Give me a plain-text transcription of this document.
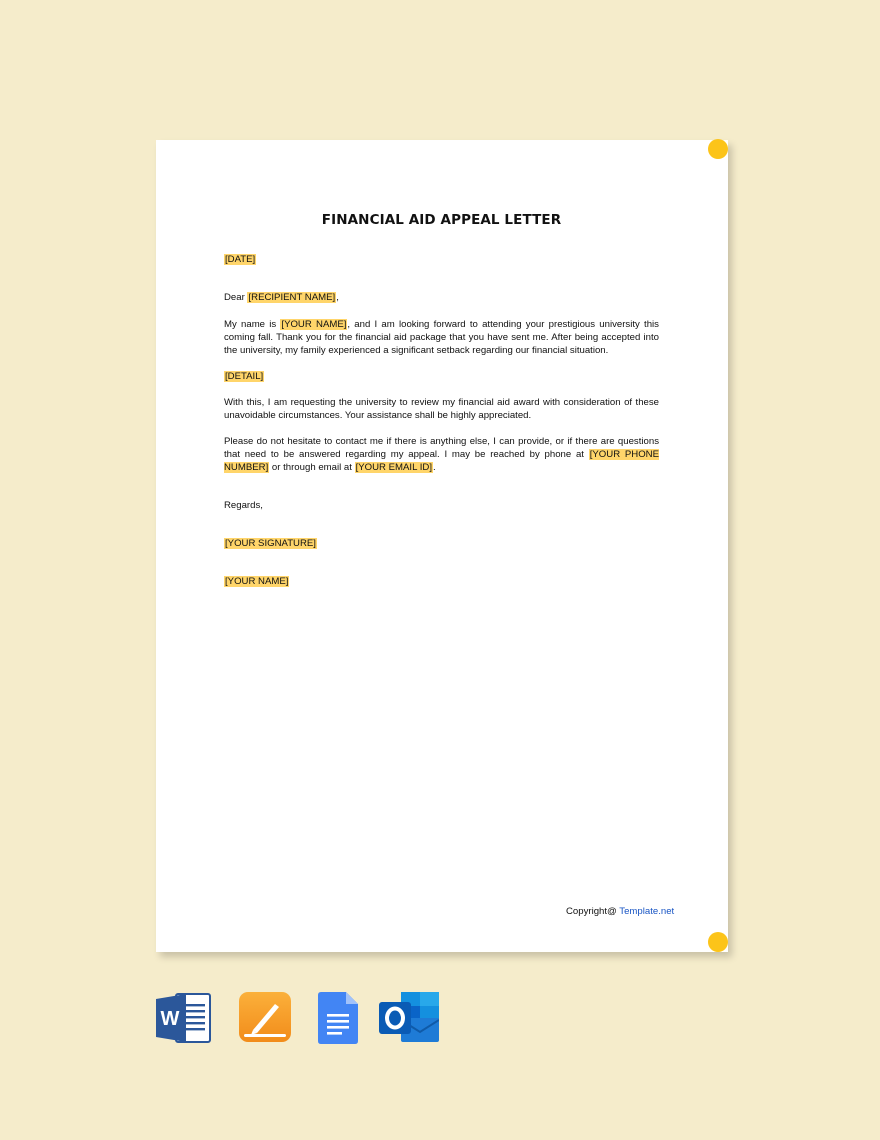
FINANCIAL AID APPEAL LETTER

[DATE]

Dear [RECIPIENT NAME],

My name is [YOUR NAME], and I am looking forward to attending your prestigious university this coming fall. Thank you for the financial aid package that you have sent me. After being accepted into the university, my family experienced a significant setback regarding our financial situation.

[DETAIL]

With this, I am requesting the university to review my financial aid award with consideration of these unavoidable circumstances. Your assistance shall be highly appreciated.

Please do not hesitate to contact me if there is anything else, I can provide, or if there are questions that need to be answered regarding my appeal. I may be reached by phone at [YOUR PHONE NUMBER] or through email at [YOUR EMAIL ID].

Regards,

[YOUR SIGNATURE]

[YOUR NAME]

Copyright@ Template.net
W
